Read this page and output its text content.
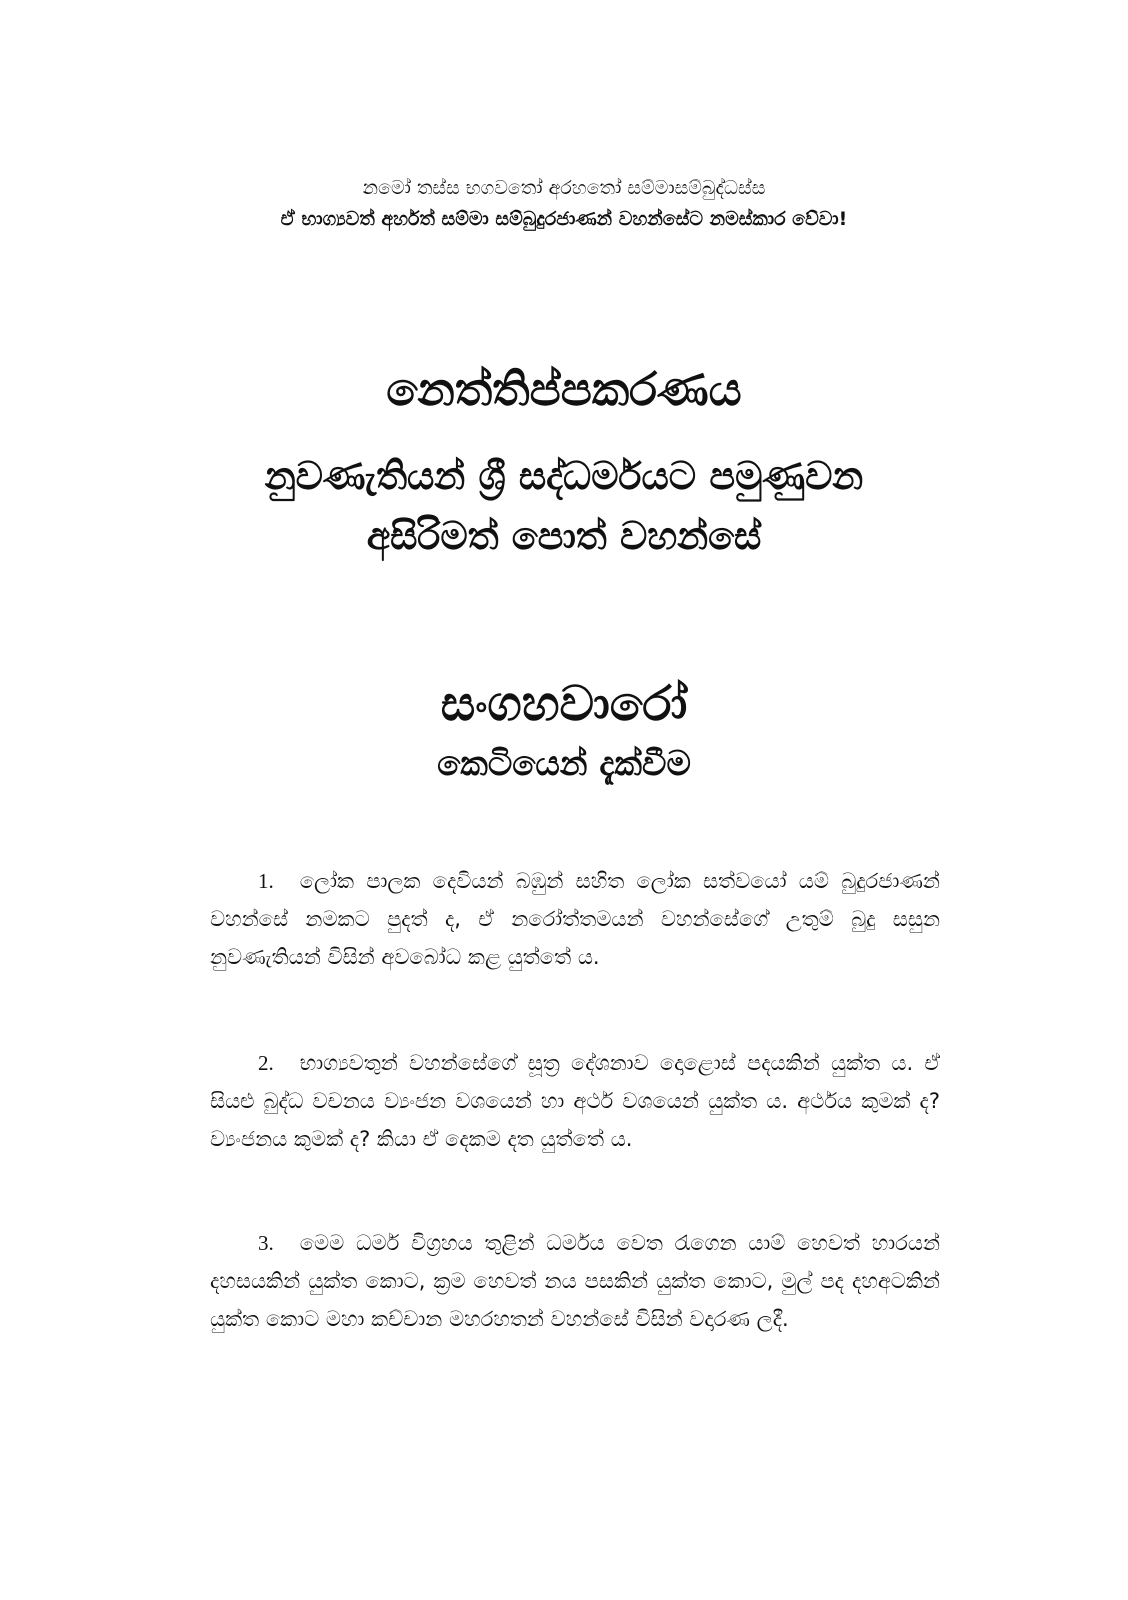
නමෝ තස්ස භගවතෝ අරහතෝ සම්මාසම්බුද්ධස්ස
ඒ භාග්‍යවත් අර්හත් සම්මා සම්බුදුරජාණන් වහන්සේට නමස්කාර වේවා!
නෙත්තිප්පකරණය
නුවණැතියන් ශ්‍රී සද්ධර්මයට පමුණුවන
අසිරිමත් පොත් වහන්සේ
සංගහවාරෝ
කෙටියෙන් දැක්වීම
1. ලෝක පාලක දෙවියන් බඹුන් සහිත ලෝක සත්වයෝ යම් බුදුරජාණන් වහන්සේ නමකට පුදත් ද, ඒ නරෝත්තමයන් වහන්සේගේ උතුම් බුදු සසුන නුවණැතියන් විසින් අවබෝධ කළ යුත්තේ ය.
2. භාග්‍යවතුන් වහන්සේගේ සූත්‍ර දේශනාව දොළොස් පදයකින් යුක්ත ය. ඒ සියළු බුද්ධ වචනය ව්‍යංජන වශයෙන් හා අර්ථ වශයෙන් යුක්ත ය. අර්ථය කුමක් ද? ව්‍යංජනය කුමක් ද? කියා ඒ දෙකම දත යුත්තේ ය.
3. මෙම ධර්ම විග්‍රහය තුළින් ධර්මය වෙත රැගෙන යාම් හෙවත් හාරයන් දහසයකින් යුක්ත කොට, ක්‍රම හෙවත් නය පසකින් යුක්ත කොට, මුල් පද දහඅටකින් යුක්ත කොට මහා කච්චාන මහරහතන් වහන්සේ විසින් වදාරණ ලදී.
